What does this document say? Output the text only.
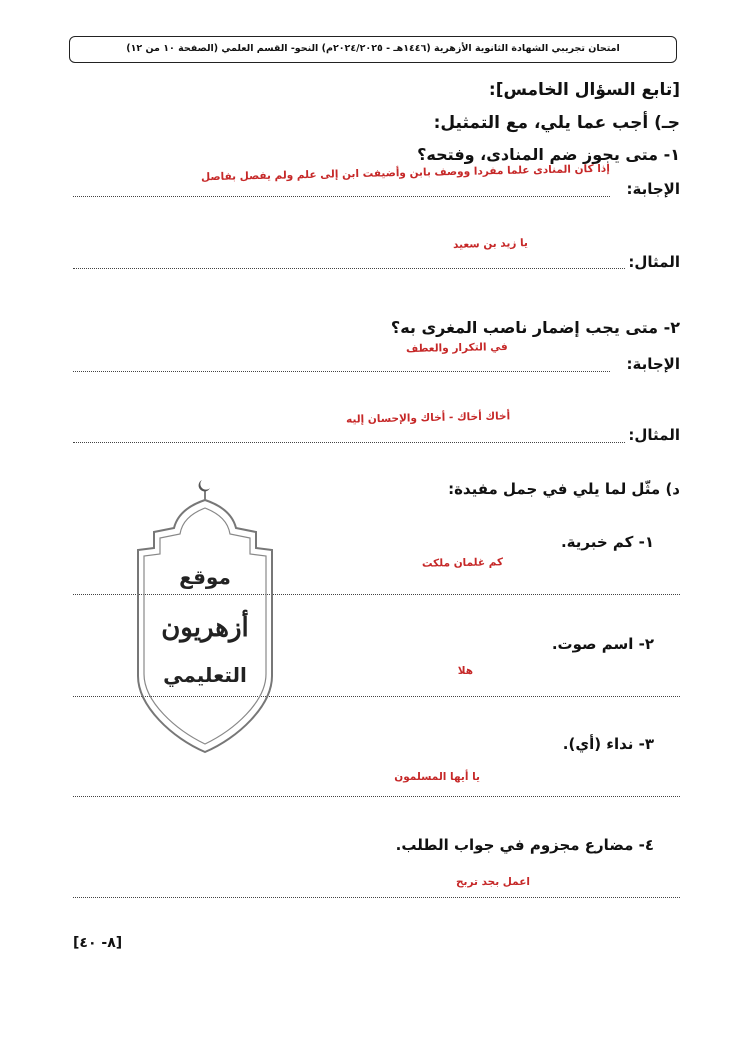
امتحان تجريبي الشهادة الثانوية الأزهرية (١٤٤٦هـ - ٢٠٢٤/٢٠٢٥م) النحو- القسم العلمي (الصفحة ١٠ من ١٢)
[تابع السؤال الخامس]:
جـ) أجب عما يلي، مع التمثيل:
١- متى يجوز ضم المنادى، وفتحه؟
إذا كان المنادى علما مفردا ووصف بابن وأضيفت ابن إلى علم ولم يفصل بفاصل
الإجابة:
يا زيد بن سعيد
المثال:
٢- متى يجب إضمار ناصب المغرى به؟
في التكرار والعطف
الإجابة:
أخاك أخاك - أخاك والإحسان إليه
المثال:
د) مثّل لما يلي في جمل مفيدة:
١- كم خبرية.
كم غلمان ملكت
٢- اسم صوت.
هلا
٣- نداء (أي).
يا أيها المسلمون
٤- مضارع مجزوم في جواب الطلب.
اعمل بجد تربح
موقع
أزهريون
التعليمي
[٨- ٤٠]
